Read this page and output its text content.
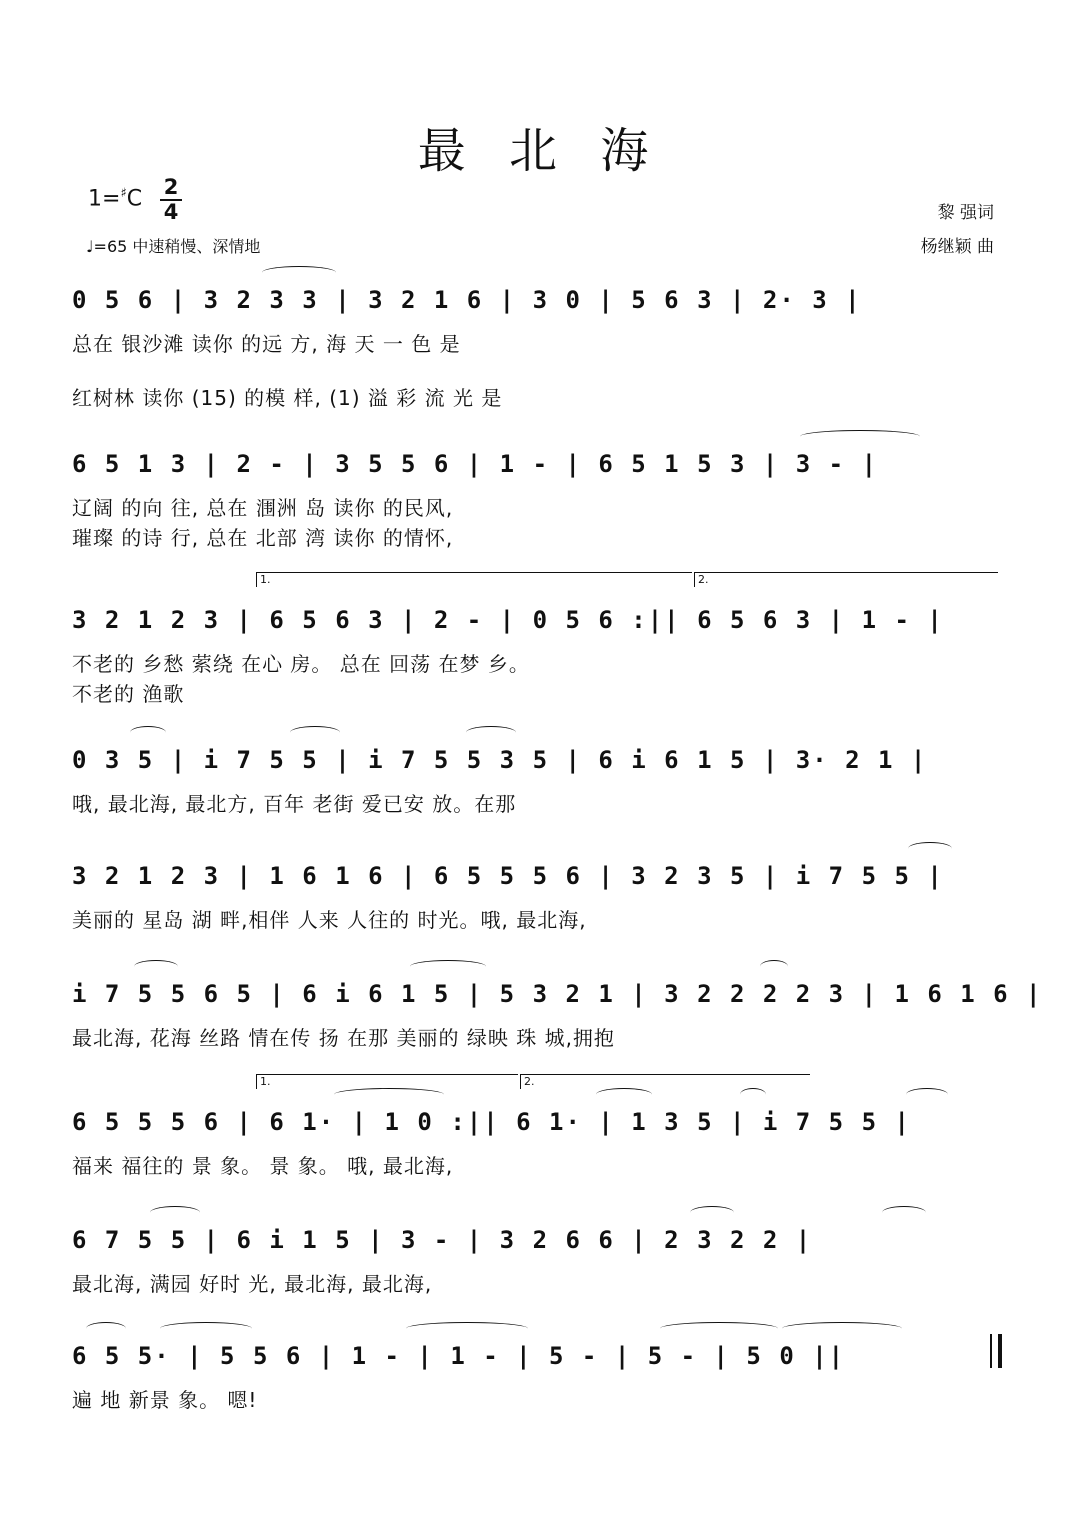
最 北 海
$1=^♯C \frac{2}{4}$
♩=65 中速稍慢、深情地
黎 强词
杨继颖 曲
0 5 6 | 3 2 3 3 | 3 2 1 6 | 3 0 | 5 6 3 | 2· 3 |
总在 银沙滩 读你 的远 方, 海 天 一 色 是
红树林 读你 (15) 的模 样, (1) 溢 彩 流 光 是
6 5 1 3 | 2 - | 3 5 5 6 | 1 - | 6 5 1 5 3 | 3 - |
辽阔 的向 往, 总在 涠洲 岛 读你 的民风,
璀璨 的诗 行, 总在 北部 湾 读你 的情怀,
1.	2.
3 2 1 2 3 | 6 5 6 3 | 2 - | 0 5 6 :|| 6 5 6 3 | 1 - |
不老的 乡愁 萦绕 在心 房。 总在 回荡 在梦 乡。
不老的 渔歌
0 3 5 | i 7 5 5 | i 7 5 5 3 5 | 6 i 6 1 5 | 3· 2 1 |
哦, 最北海, 最北方, 百年 老街 爱已安 放。在那
3 2 1 2 3 | 1 6 1 6 | 6 5 5 5 6 | 3 2 3 5 | i 7 5 5 |
美丽的 星岛 湖 畔,相伴 人来 人往的 时光。哦, 最北海,
i 7 5 5 6 5 | 6 i 6 1 5 | 5 3 2 1 | 3 2 2 2 2 3 | 1 6 1 6 |
最北海, 花海 丝路 情在传 扬 在那 美丽的 绿映 珠 城,拥抱
1.	2.
6 5 5 5 6 | 6 1· | 1 0 :|| 6 1· | 1 3 5 | i 7 5 5 |
福来 福往的 景 象。 景 象。 哦, 最北海,
6 7 5 5 | 6 i 1 5 | 3 - | 3 2 6 6 | 2 3 2 2 |
最北海, 满园 好时 光, 最北海, 最北海,
6 5 5· | 5 5 6 | 1 - | 1 - | 5 - | 5 - | 5 0 ||
遍 地 新景 象。 嗯!
